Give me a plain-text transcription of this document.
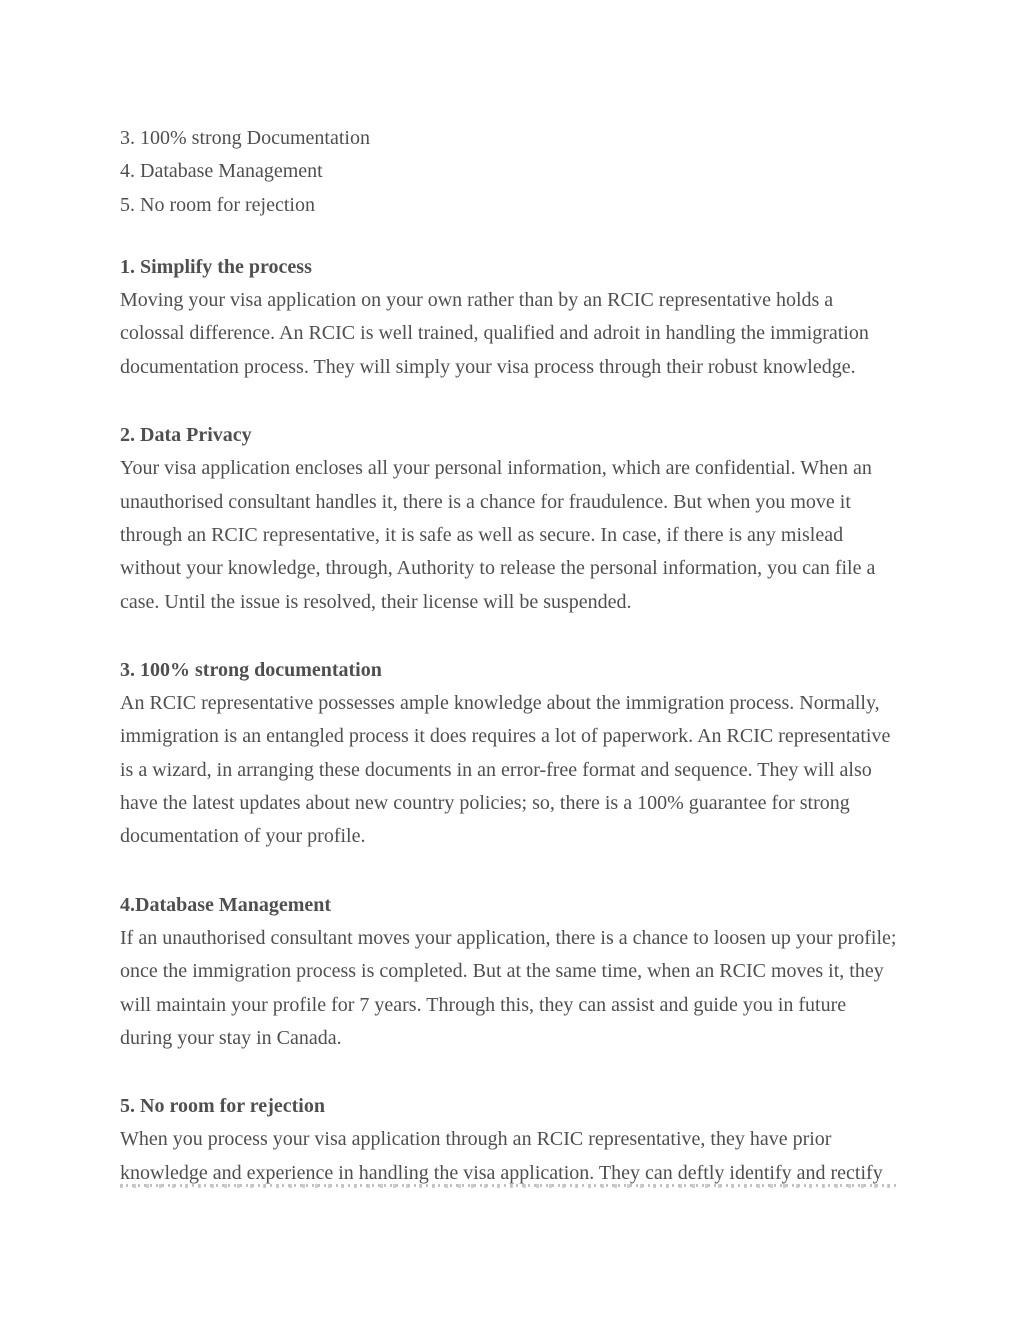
3. 100% strong Documentation
4. Database Management
5. No room for rejection
1. Simplify the process
Moving your visa application on your own rather than by an RCIC representative holds a colossal difference. An RCIC is well trained, qualified and adroit in handling the immigration documentation process. They will simply your visa process through their robust knowledge.
2. Data Privacy
Your visa application encloses all your personal information, which are confidential. When an unauthorised consultant handles it, there is a chance for fraudulence. But when you move it through an RCIC representative, it is safe as well as secure. In case, if there is any mislead without your knowledge, through, Authority to release the personal information, you can file a case. Until the issue is resolved, their license will be suspended.
3. 100% strong documentation
An RCIC representative possesses ample knowledge about the immigration process. Normally, immigration is an entangled process it does requires a lot of paperwork. An RCIC representative is a wizard, in arranging these documents in an error-free format and sequence. They will also have the latest updates about new country policies; so, there is a 100% guarantee for strong documentation of your profile.
4.Database Management
If an unauthorised consultant moves your application, there is a chance to loosen up your profile; once the immigration process is completed. But at the same time, when an RCIC moves it, they will maintain your profile for 7 years. Through this, they can assist and guide you in future during your stay in Canada.
5. No room for rejection
When you process your visa application through an RCIC representative, they have prior knowledge and experience in handling the visa application. They can deftly identify and rectify
